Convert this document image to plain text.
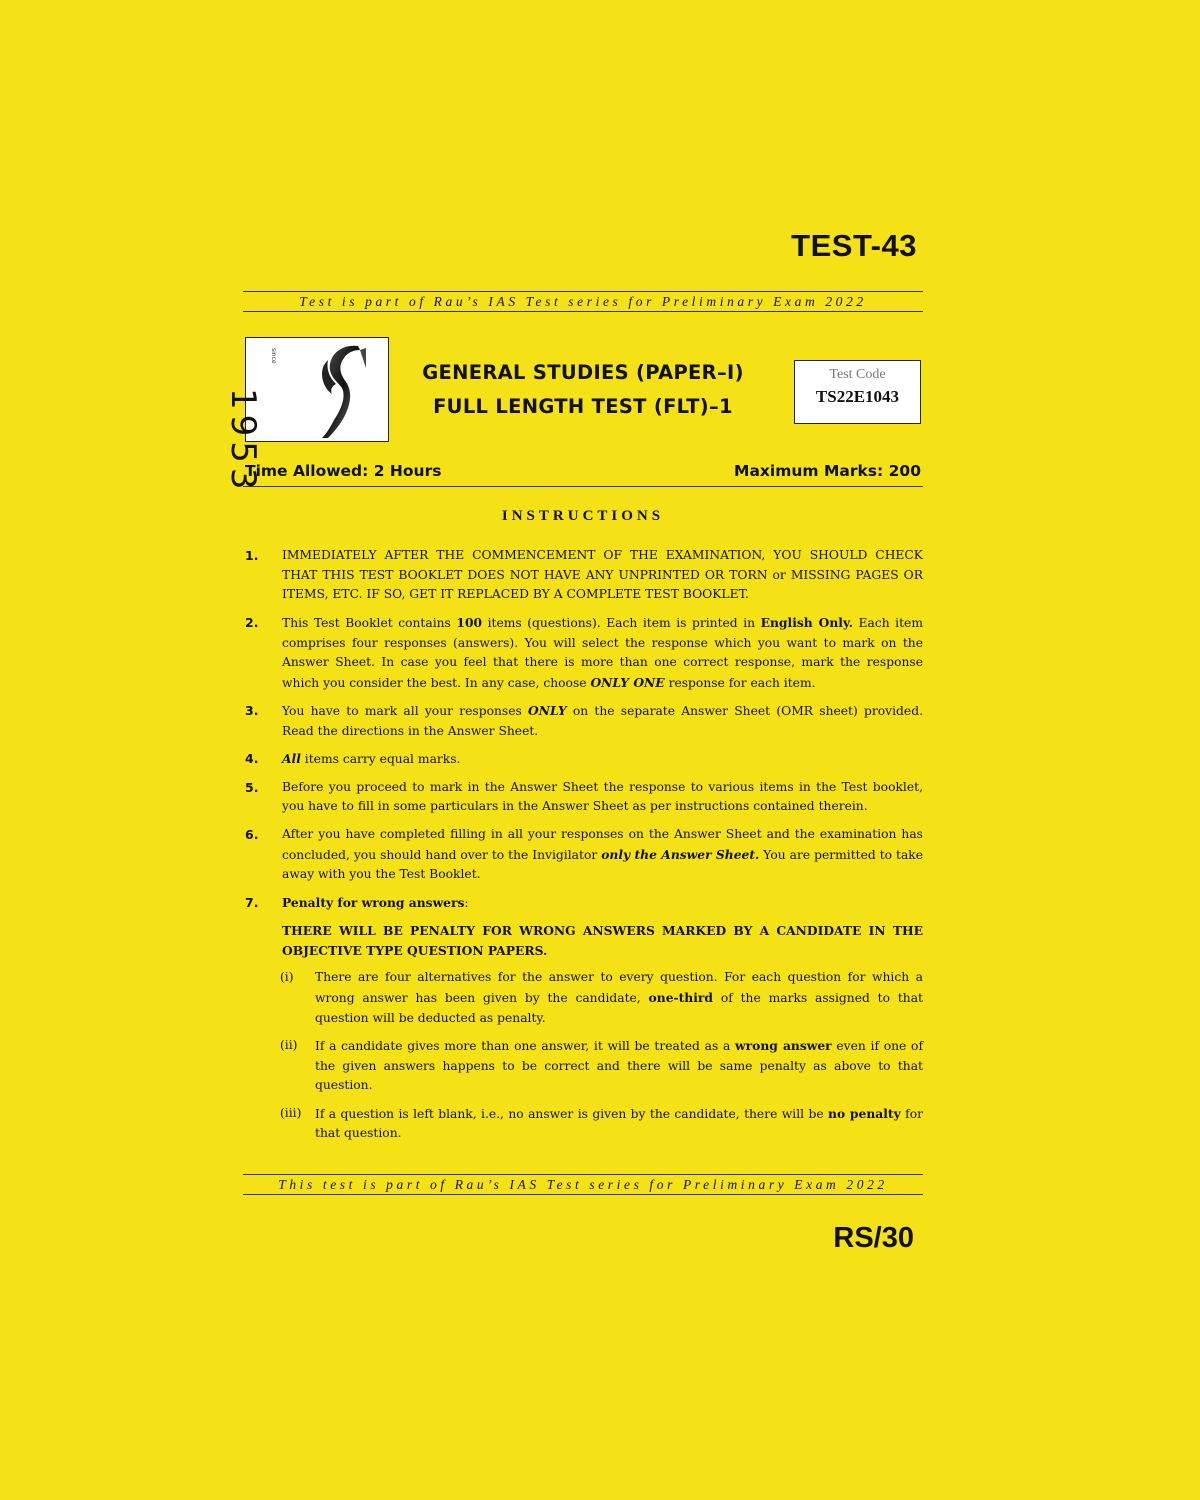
TEST-43
Test is part of Rau’s IAS Test series for Preliminary Exam 2022
1953
since
GENERAL STUDIES (PAPER–I)
FULL LENGTH TEST (FLT)–1
Test Code
TS22E1043
Time Allowed: 2 Hours	Maximum Marks: 200
INSTRUCTIONS
1. IMMEDIATELY AFTER THE COMMENCEMENT OF THE EXAMINATION, YOU SHOULD CHECK THAT THIS TEST BOOKLET DOES NOT HAVE ANY UNPRINTED OR TORN or MISSING PAGES OR ITEMS, ETC. IF SO, GET IT REPLACED BY A COMPLETE TEST BOOKLET.
2. This Test Booklet contains 100 items (questions). Each item is printed in English Only. Each item comprises four responses (answers). You will select the response which you want to mark on the Answer Sheet. In case you feel that there is more than one correct response, mark the response which you consider the best. In any case, choose ONLY ONE response for each item.
3. You have to mark all your responses ONLY on the separate Answer Sheet (OMR sheet) provided. Read the directions in the Answer Sheet.
4. All items carry equal marks.
5. Before you proceed to mark in the Answer Sheet the response to various items in the Test booklet, you have to fill in some particulars in the Answer Sheet as per instructions contained therein.
6. After you have completed filling in all your responses on the Answer Sheet and the examination has concluded, you should hand over to the Invigilator only the Answer Sheet. You are permitted to take away with you the Test Booklet.
7. Penalty for wrong answers:
THERE WILL BE PENALTY FOR WRONG ANSWERS MARKED BY A CANDIDATE IN THE OBJECTIVE TYPE QUESTION PAPERS.
(i) There are four alternatives for the answer to every question. For each question for which a wrong answer has been given by the candidate, one-third of the marks assigned to that question will be deducted as penalty.
(ii) If a candidate gives more than one answer, it will be treated as a wrong answer even if one of the given answers happens to be correct and there will be same penalty as above to that question.
(iii) If a question is left blank, i.e., no answer is given by the candidate, there will be no penalty for that question.
This test is part of Rau’s IAS Test series for Preliminary Exam 2022
RS/30
